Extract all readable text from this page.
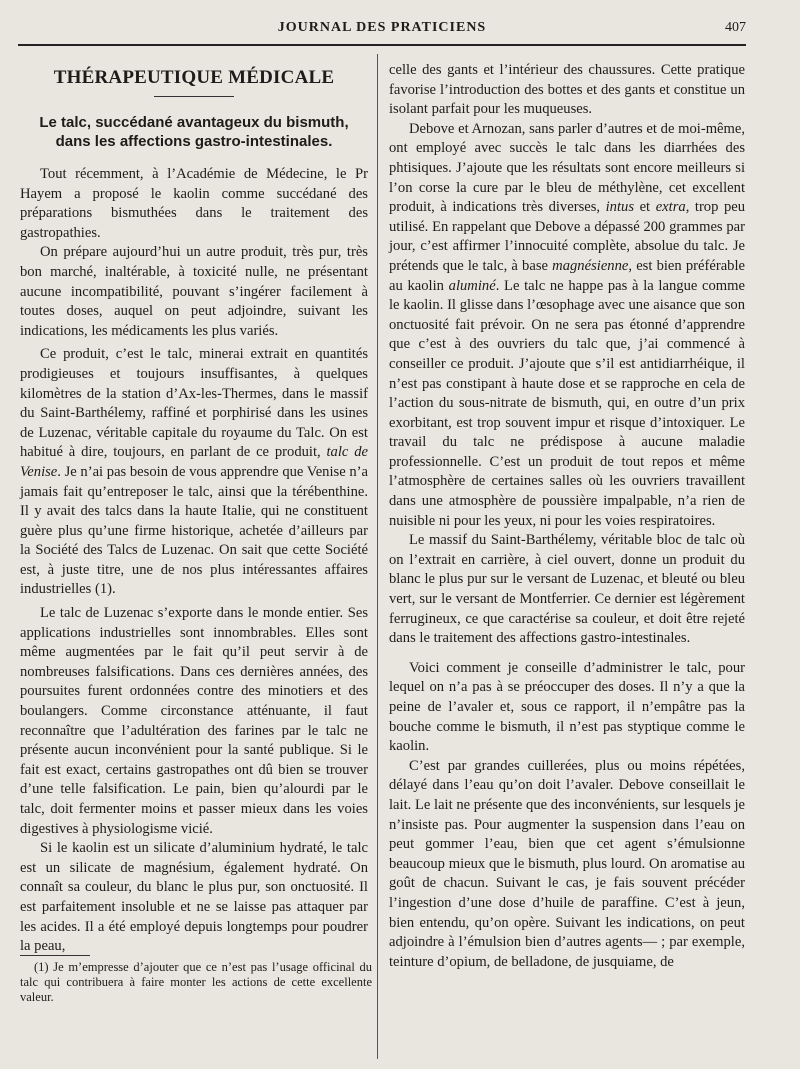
JOURNAL DES PRATICIENS	407
THÉRAPEUTIQUE MÉDICALE
Le talc, succédané avantageux du bismuth, dans les affections gastro-intestinales.

Tout récemment, à l’Académie de Médecine, le Pr Hayem a proposé le kaolin comme succédané des préparations bismuthées dans le traitement des gastropathies.

On prépare aujourd’hui un autre produit, très pur, très bon marché, inaltérable, à toxicité nulle, ne présentant aucune incompatibilité, pouvant s’ingérer facilement à toutes doses, auquel on peut adjoindre, suivant les indications, les médicaments les plus variés.

Ce produit, c’est le talc, minerai extrait en quantités prodigieuses et toujours insuffisantes, à quelques kilomètres de la station d’Ax-les-Thermes, dans le massif du Saint-Barthélemy, raffiné et porphirisé dans les usines de Luzenac, véritable capitale du royaume du Talc. On est habitué à dire, toujours, en parlant de ce produit, talc de Venise. Je n’ai pas besoin de vous apprendre que Venise n’a jamais fait qu’entreposer le talc, ainsi que la térébenthine. Il y avait des talcs dans la haute Italie, qui ne constituent guère plus qu’une firme historique, achetée d’ailleurs par la Société des Talcs de Luzenac. On sait que cette Société est, à juste titre, une de nos plus intéressantes affaires industrielles (1).

Le talc de Luzenac s’exporte dans le monde entier. Ses applications industrielles sont innombrables. Elles sont même augmentées par le fait qu’il peut servir à de nombreuses falsifications. Dans ces dernières années, des poursuites furent ordonnées contre des minotiers et des boulangers. Comme circonstance atténuante, il faut reconnaître que l’adultération des farines par le talc ne présente aucun inconvénient pour la santé publique. Si le fait est exact, certains gastropathes ont dû bien se trouver d’une telle falsification. Le pain, bien qu’alourdi par le talc, doit fermenter moins et passer mieux dans les voies digestives à physiologisme vicié.

Si le kaolin est un silicate d’aluminium hydraté, le talc est un silicate de magnésium, également hydraté. On connaît sa couleur, du blanc le plus pur, son onctuosité. Il est parfaitement insoluble et ne se laisse pas attaquer par les acides. Il a été employé depuis longtemps pour poudrer la peau,

(1) Je m’empresse d’ajouter que ce n’est pas l’usage officinal du talc qui contribuera à faire monter les actions de cette excellente valeur.

celle des gants et l’intérieur des chaussures. Cette pratique favorise l’introduction des bottes et des gants et constitue un isolant parfait pour les muqueuses.

Debove et Arnozan, sans parler d’autres et de moi-même, ont employé avec succès le talc dans les diarrhées des phtisiques. J’ajoute que les résultats sont encore meilleurs si l’on corse la cure par le bleu de méthylène, cet excellent produit, à indications très diverses, intus et extra, trop peu utilisé. En rappelant que Debove a dépassé 200 grammes par jour, c’est affirmer l’innocuité complète, absolue du talc. Je prétends que le talc, à base magnésienne, est bien préférable au kaolin aluminé. Le talc ne happe pas à la langue comme le kaolin. Il glisse dans l’œsophage avec une aisance que son onctuosité fait prévoir. On ne sera pas étonné d’apprendre que c’est à des ouvriers du talc que, j’ai commencé à conseiller ce produit. J’ajoute que s’il est antidiarrhéique, il n’est pas constipant à haute dose et se rapproche en cela de l’action du sous-nitrate de bismuth, qui, en outre d’un prix exorbitant, est trop souvent impur et risque d’intoxiquer. Le travail du talc ne prédispose à aucune maladie professionnelle. C’est un produit de tout repos et même l’atmosphère de certaines salles où les ouvriers travaillent dans une atmosphère de poussière impalpable, n’a rien de nuisible ni pour les yeux, ni pour les voies respiratoires.

Le massif du Saint-Barthélemy, véritable bloc de talc où on l’extrait en carrière, à ciel ouvert, donne un produit du blanc le plus pur sur le versant de Luzenac, et bleuté ou bleu vert, sur le versant de Montferrier. Ce dernier est légèrement ferrugineux, ce que caractérise sa couleur, et doit être rejeté dans le traitement des affections gastro-intestinales.

Voici comment je conseille d’administrer le talc, pour lequel on n’a pas à se préoccuper des doses. Il n’y a que la peine de l’avaler et, sous ce rapport, il n’empâtre pas la bouche comme le bismuth, il n’est pas styptique comme le kaolin.

C’est par grandes cuillerées, plus ou moins répétées, délayé dans l’eau qu’on doit l’avaler. Debove conseillait le lait. Le lait ne présente que des inconvénients, sur lesquels je n’insiste pas. Pour augmenter la suspension dans l’eau on peut gommer l’eau, bien que cet agent s’émulsionne beaucoup mieux que le bismuth, plus lourd. On aromatise au goût de chacun. Suivant le cas, je fais souvent précéder l’ingestion d’une dose d’huile de paraffine. C’est à jeun, bien entendu, qu’on opère. Suivant les indications, on peut adjoindre à l’émulsion bien d’autres agents— ; par exemple, teinture d’opium, de belladone, de jusquiame, de
